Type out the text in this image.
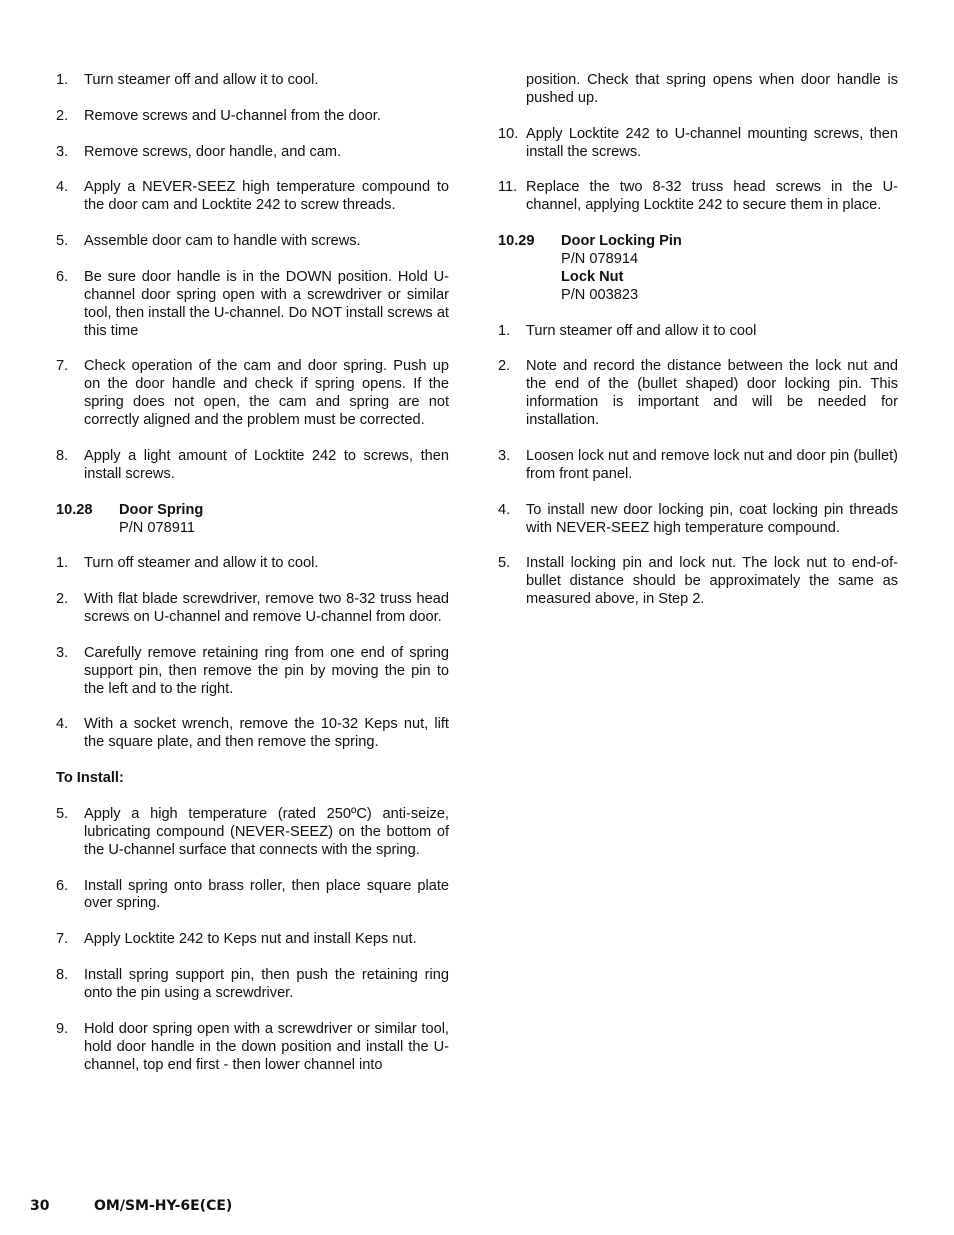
1.	Turn steamer off and allow it to cool.
2.	Remove screws and U-channel from the door.
3.	Remove screws, door handle, and cam.
4.	Apply a NEVER-SEEZ high temperature compound to the door cam and Locktite 242 to screw threads.
5.	Assemble door cam to handle with screws.
6.	Be sure door handle is in the DOWN position. Hold U-channel door spring open with a screwdriver or similar tool, then install the U-channel. Do NOT install screws at this time
7.	Check operation of the cam and door spring. Push up on the door handle and check if spring opens. If the spring does not open, the cam and spring are not correctly aligned and the problem must be corrected.
8.	Apply a light amount of Locktite 242 to screws, then install screws.
10.28	Door Spring
P/N 078911
1.	Turn off steamer and allow it to cool.
2.	With flat blade screwdriver, remove two 8-32 truss head screws on U-channel and remove U-channel from door.
3.	Carefully remove retaining ring from one end of spring support pin, then remove the pin by moving the pin to the left and to the right.
4.	With a socket wrench, remove the 10-32 Keps nut, lift the square plate, and then remove the spring.
To Install:
5.	Apply a high temperature (rated 250ºC) anti-seize, lubricating compound (NEVER-SEEZ) on the bottom of the U-channel surface that connects with the spring.
6.	Install spring onto brass roller, then place square plate over spring.
7.	Apply Locktite 242 to Keps nut and install Keps nut.
8.	Install spring support pin, then push the retaining ring onto the pin using a screwdriver.
9.	Hold door spring open with a screwdriver or similar tool, hold door handle in the down position and install the U-channel, top end first - then lower channel into
position. Check that spring opens when door handle is pushed up.
10. Apply Locktite 242 to U-channel mounting screws, then install the screws.
11. Replace the two 8-32 truss head screws in the U-channel, applying Locktite 242 to secure them in place.
10.29	Door Locking Pin
P/N 078914
Lock Nut
P/N 003823
1.	Turn steamer off and allow it to cool
2.	Note and record the distance between the lock nut and the end of the (bullet shaped) door locking pin. This information is important and will be needed for installation.
3.	Loosen lock nut and remove lock nut and door pin (bullet) from front panel.
4.	To install new door locking pin, coat locking pin threads with NEVER-SEEZ high temperature compound.
5.	Install locking pin and lock nut. The lock nut to end-of-bullet distance should be approximately the same as measured above, in Step 2.
30	OM/SM-HY-6E(CE)
